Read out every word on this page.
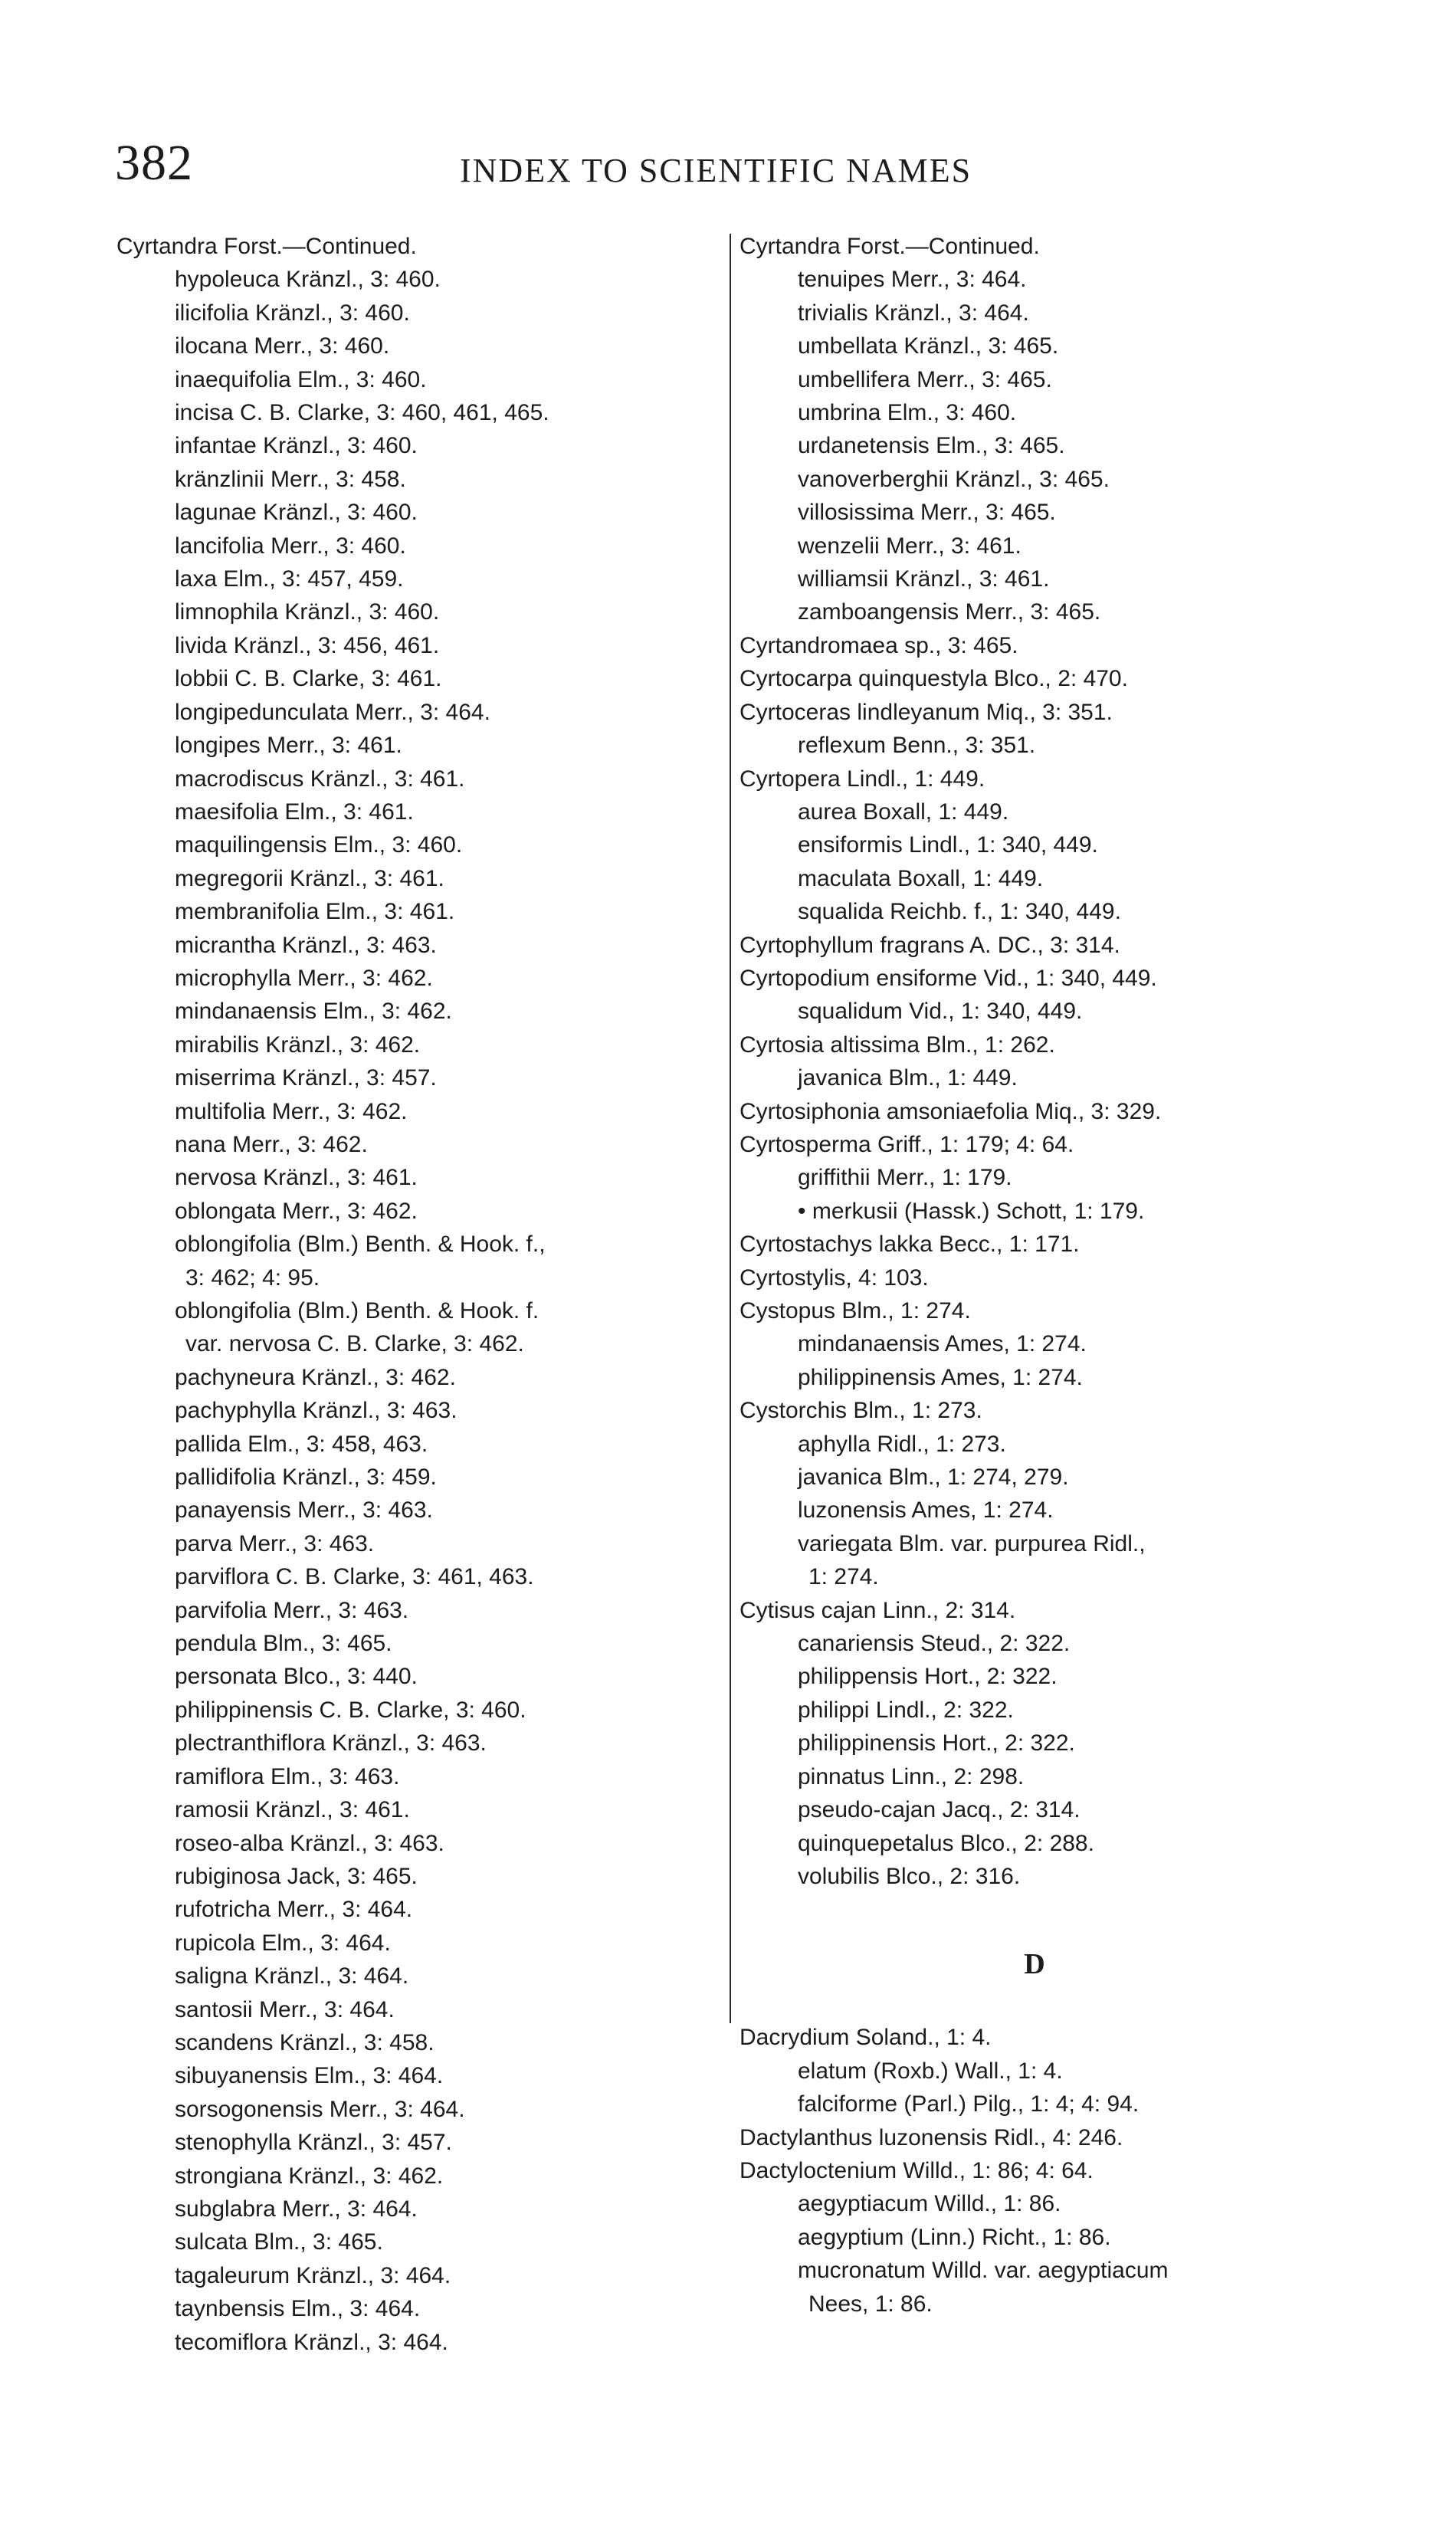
382	INDEX TO SCIENTIFIC NAMES
Cyrtandra Forst.—Continued.
hypoleuca Kränzl., 3: 460.
ilicifolia Kränzl., 3: 460.
ilocana Merr., 3: 460.
inaequifolia Elm., 3: 460.
incisa C. B. Clarke, 3: 460, 461, 465.
infantae Kränzl., 3: 460.
kränzlinii Merr., 3: 458.
lagunae Kränzl., 3: 460.
lancifolia Merr., 3: 460.
laxa Elm., 3: 457, 459.
limnophila Kränzl., 3: 460.
livida Kränzl., 3: 456, 461.
lobbii C. B. Clarke, 3: 461.
longipedunculata Merr., 3: 464.
longipes Merr., 3: 461.
macrodiscus Kränzl., 3: 461.
maesifolia Elm., 3: 461.
maquilingensis Elm., 3: 460.
megregorii Kränzl., 3: 461.
membranifolia Elm., 3: 461.
micrantha Kränzl., 3: 463.
microphylla Merr., 3: 462.
mindanaensis Elm., 3: 462.
mirabilis Kränzl., 3: 462.
miserrima Kränzl., 3: 457.
multifolia Merr., 3: 462.
nana Merr., 3: 462.
nervosa Kränzl., 3: 461.
oblongata Merr., 3: 462.
oblongifolia (Blm.) Benth. & Hook. f.,
3: 462; 4: 95.
oblongifolia (Blm.) Benth. & Hook. f.
var. nervosa C. B. Clarke, 3: 462.
pachyneura Kränzl., 3: 462.
pachyphylla Kränzl., 3: 463.
pallida Elm., 3: 458, 463.
pallidifolia Kränzl., 3: 459.
panayensis Merr., 3: 463.
parva Merr., 3: 463.
parviflora C. B. Clarke, 3: 461, 463.
parvifolia Merr., 3: 463.
pendula Blm., 3: 465.
personata Blco., 3: 440.
philippinensis C. B. Clarke, 3: 460.
plectranthiflora Kränzl., 3: 463.
ramiflora Elm., 3: 463.
ramosii Kränzl., 3: 461.
roseo-alba Kränzl., 3: 463.
rubiginosa Jack, 3: 465.
rufotricha Merr., 3: 464.
rupicola Elm., 3: 464.
saligna Kränzl., 3: 464.
santosii Merr., 3: 464.
scandens Kränzl., 3: 458.
sibuyanensis Elm., 3: 464.
sorsogonensis Merr., 3: 464.
stenophylla Kränzl., 3: 457.
strongiana Kränzl., 3: 462.
subglabra Merr., 3: 464.
sulcata Blm., 3: 465.
tagaleurum Kränzl., 3: 464.
taynbensis Elm., 3: 464.
tecomiflora Kränzl., 3: 464.
Cyrtandra Forst.—Continued.
tenuipes Merr., 3: 464.
trivialis Kränzl., 3: 464.
umbellata Kränzl., 3: 465.
umbellifera Merr., 3: 465.
umbrina Elm., 3: 460.
urdanetensis Elm., 3: 465.
vanoverberghii Kränzl., 3: 465.
villosissima Merr., 3: 465.
wenzelii Merr., 3: 461.
williamsii Kränzl., 3: 461.
zamboangensis Merr., 3: 465.
Cyrtandromaea sp., 3: 465.
Cyrtocarpa quinquestyla Blco., 2: 470.
Cyrtoceras lindleyanum Miq., 3: 351.
reflexum Benn., 3: 351.
Cyrtopera Lindl., 1: 449.
aurea Boxall, 1: 449.
ensiformis Lindl., 1: 340, 449.
maculata Boxall, 1: 449.
squalida Reichb. f., 1: 340, 449.
Cyrtophyllum fragrans A. DC., 3: 314.
Cyrtopodium ensiforme Vid., 1: 340, 449.
squalidum Vid., 1: 340, 449.
Cyrtosia altissima Blm., 1: 262.
javanica Blm., 1: 449.
Cyrtosiphonia amsoniaefolia Miq., 3: 329.
Cyrtosperma Griff., 1: 179; 4: 64.
griffithii Merr., 1: 179.
• merkusii (Hassk.) Schott, 1: 179.
Cyrtostachys lakka Becc., 1: 171.
Cyrtostylis, 4: 103.
Cystopus Blm., 1: 274.
mindanaensis Ames, 1: 274.
philippinensis Ames, 1: 274.
Cystorchis Blm., 1: 273.
aphylla Ridl., 1: 273.
javanica Blm., 1: 274, 279.
luzonensis Ames, 1: 274.
variegata Blm. var. purpurea Ridl.,
1: 274.
Cytisus cajan Linn., 2: 314.
canariensis Steud., 2: 322.
philippensis Hort., 2: 322.
philippi Lindl., 2: 322.
philippinensis Hort., 2: 322.
pinnatus Linn., 2: 298.
pseudo-cajan Jacq., 2: 314.
quinquepetalus Blco., 2: 288.
volubilis Blco., 2: 316.
D
Dacrydium Soland., 1: 4.
elatum (Roxb.) Wall., 1: 4.
falciforme (Parl.) Pilg., 1: 4; 4: 94.
Dactylanthus luzonensis Ridl., 4: 246.
Dactyloctenium Willd., 1: 86; 4: 64.
aegyptiacum Willd., 1: 86.
aegyptium (Linn.) Richt., 1: 86.
mucronatum Willd. var. aegyptiacum
Nees, 1: 86.
